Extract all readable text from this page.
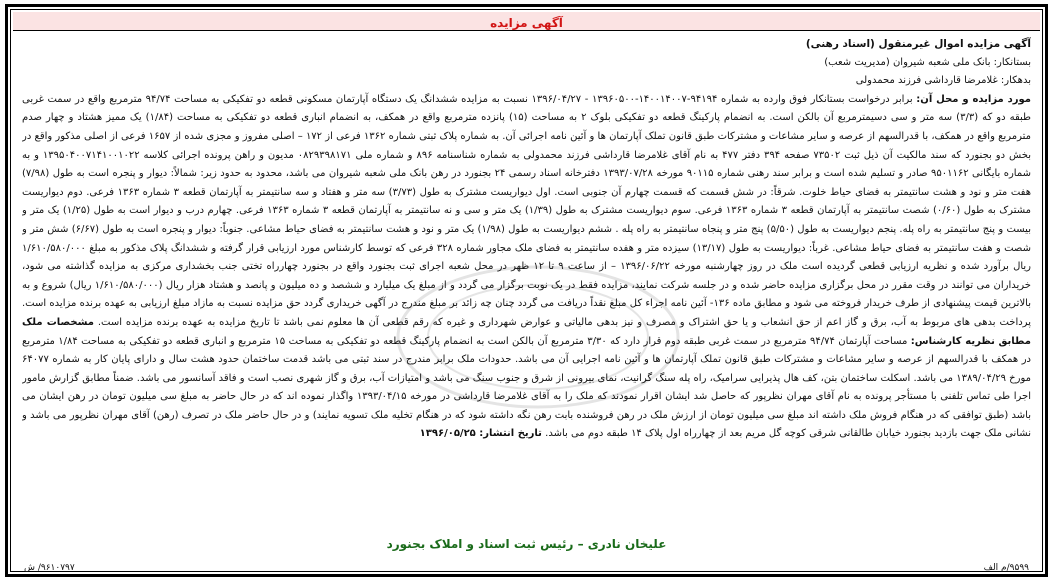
آگهی مزایده

آگهی مزایده اموال غیرمنقول (اسناد رهنی)

بستانکار: بانک ملی شعبه شیروان (مدیریت شعب)

بدهکار: غلامرضا قارداشی فرزند محمدولی

مورد مزایده و محل آن: برابر درخواست بستانکار فوق وارده به شماره ۹۴۱۹۴-۱۴۰۰۱۴۰۰۷-۱۳۹۶۰۵۰۰ - ۱۳۹۶/۰۴/۲۷ نسبت به مزایده ششدانگ یک دستگاه آپارتمان مسکونی قطعه دو تفکیکی به مساحت ۹۴/۷۴ مترمربع واقع در سمت غربی طبقه دو که (۳/۳) سه متر و سی دسیمترمربع آن بالکن است. به انضمام پارکینگ قطعه دو تفکیکی بلوک ۲ به مساحت (۱۵) پانزده مترمربع واقع در همکف، به انضمام انباری قطعه دو تفکیکی به مساحت (۱/۸۴) یک ممیز هشتاد و چهار صدم مترمربع واقع در همکف، با قدرالسهم از عرصه و سایر مشاعات و مشترکات طبق قانون تملک آپارتمان ها و آئین نامه اجرائی آن. به شماره پلاک ثبتی شماره ۱۳۶۲ فرعی از ۱۷۲ – اصلی مفروز و مجزی شده از ۱۶۵۷ فرعی از اصلی مذکور واقع در بخش دو بجنورد که سند مالکیت آن ذیل ثبت ۷۳۵۰۲ صفحه ۳۹۴ دفتر ۴۷۷ به نام آقای غلامرضا قارداشی فرزند محمدولی به شماره شناسنامه ۸۹۶ و شماره ملی ۰۸۲۹۳۹۸۱۷۱ مدیون و راهن پرونده اجرائی کلاسه ۱۳۹۵۰۴۰۰۷۱۴۱۰۰۱۰۲۲ و به شماره بایگانی ۹۵۰۱۱۶۲ صادر و تسلیم شده است و برابر سند رهنی شماره ۹۰۱۱۵ مورخه ۱۳۹۳/۰۷/۲۸ دفترخانه اسناد رسمی ۲۴ بجنورد در رهن بانک ملی شعبه شیروان می باشد، محدود به حدود زیر: شمالاً: دیوار و پنجره است به طول (۷/۹۸) هفت متر و نود و هشت سانتیمتر به فضای حیاط خلوت. شرقاً: در شش قسمت که قسمت چهارم آن جنوبی است. اول دیواریست مشترک به طول (۳/۷۳) سه متر و هفتاد و سه سانتیمتر به آپارتمان قطعه ۳ شماره ۱۳۶۳ فرعی. دوم دیواریست مشترک به طول (۰/۶۰) شصت سانتیمتر به آپارتمان قطعه ۳ شماره ۱۳۶۳ فرعی. سوم دیواریست مشترک به طول (۱/۳۹) یک متر و سی و نه سانتیمتر به آپارتمان قطعه ۳ شماره ۱۳۶۳ فرعی. چهارم درب و دیوار است به طول (۱/۲۵) یک متر و بیست و پنج سانتیمتر به راه پله. پنجم دیواریست به طول (۵/۵۰) پنج متر و پنجاه سانتیمتر به راه پله . ششم دیواریست به طول (۱/۹۸) یک متر و نود و هشت سانتیمتر به فضای حیاط مشاعی. جنوباً: دیوار و پنجره است به طول (۶/۶۷) شش متر و شصت و هفت سانتیمتر به فضای حیاط مشاعی. غرباً: دیواریست به طول (۱۳/۱۷) سیزده متر و هفده سانتیمتر به فضای ملک مجاور شماره ۳۲۸ فرعی که توسط کارشناس مورد ارزیابی قرار گرفته و ششدانگ پلاک مذکور به مبلغ ۱/۶۱۰/۵۸۰/۰۰۰ ریال برآورد شده و نظریه ارزیابی قطعی گردیده است ملک در روز چهارشنبه مورخه ۱۳۹۶/۰۶/۲۲ – از ساعت ۹ تا ۱۲ ظهر در محل شعبه اجرای ثبت بجنورد واقع در بجنورد چهارراه تختی جنب بخشداری مرکزی به مزایده گذاشته می شود، خریداران می توانند در وقت مقرر در محل برگزاری مزایده حاضر شده و در جلسه شرکت نمایند، مزایده فقط در یک نوبت برگزار می گردد و از مبلغ یک میلیارد و ششصد و ده میلیون و پانصد و هشتاد هزار ریال (۱/۶۱۰/۵۸۰/۰۰۰ ریال) شروع و به بالاترین قیمت پیشنهادی از طرف خریدار فروخته می شود و مطابق ماده ۱۳۶- آئین نامه اجراء کل مبلغ نقداً دریافت می گردد چنان چه زائد بر مبلغ مندرج در آگهی خریداری گردد حق مزایده نسبت به مازاد مبلغ ارزیابی به عهده برنده مزایده است. پرداخت بدهی های مربوط به آب، برق و گاز اعم از حق انشعاب و یا حق اشتراک و مصرف و نیز بدهی مالیاتی و عوارض شهرداری و غیره که رقم قطعی آن ها معلوم نمی باشد تا تاریخ مزایده به عهده برنده مزایده است. مشخصات ملک مطابق نظریه کارشناس: مساحت آپارتمان ۹۴/۷۴ مترمربع در سمت غربی طبقه دوم قرار دارد که ۳/۳۰ مترمربع آن بالکن است به انضمام پارکینگ قطعه دو تفکیکی به مساحت ۱۵ مترمربع و انباری قطعه دو تفکیکی به مساحت ۱/۸۴ مترمربع در همکف با قدرالسهم از عرصه و سایر مشاعات و مشترکات طبق قانون تملک آپارتمان ها و آئین نامه اجرایی آن می باشد. حدودات ملک برابر مندرج در سند ثبتی می باشد قدمت ساختمان حدود هشت سال و دارای پایان کار به شماره ۶۴۰۷۷ مورخ ۱۳۸۹/۰۴/۲۹ می باشد. اسکلت ساختمان بتن، کف هال پذیرایی سرامیک، راه پله سنگ گرانیت، نمای بیرونی از شرق و جنوب سنگ می باشد و امتیازات آب، برق و گاز شهری نصب است و فاقد آسانسور می باشد. ضمناً مطابق گزارش مامور اجرا طی تماس تلفنی با مستأجر پرونده به نام آقای مهران نظرپور که حاصل شد ایشان اقرار نمودند که ملک را به آقای غلامرضا قارداشی در مورخه ۱۳۹۳/۰۴/۱۵ واگذار نموده اند که در حال حاضر به مبلغ سی میلیون تومان در رهن ایشان می باشد (طبق توافقی که در هنگام فروش ملک داشته اند مبلغ سی میلیون تومان از ارزش ملک در رهن فروشنده بابت رهن نگه داشته شود که در هنگام تخلیه ملک تسویه نمایند) و در حال حاضر ملک در تصرف (رهن) آقای مهران نظرپور می باشد و نشانی ملک جهت بازدید بجنورد خیابان طالقانی شرقی کوچه گل مریم بعد از چهارراه اول پلاک ۱۴ طبقه دوم می باشد. تاریخ انتشار: ۱۳۹۶/۰۵/۲۵

علیخان نادری – رئیس ثبت اسناد و املاک بجنورد
۹۵۹۹/م الف
۹۶۱۰۷۹۷/ ش
